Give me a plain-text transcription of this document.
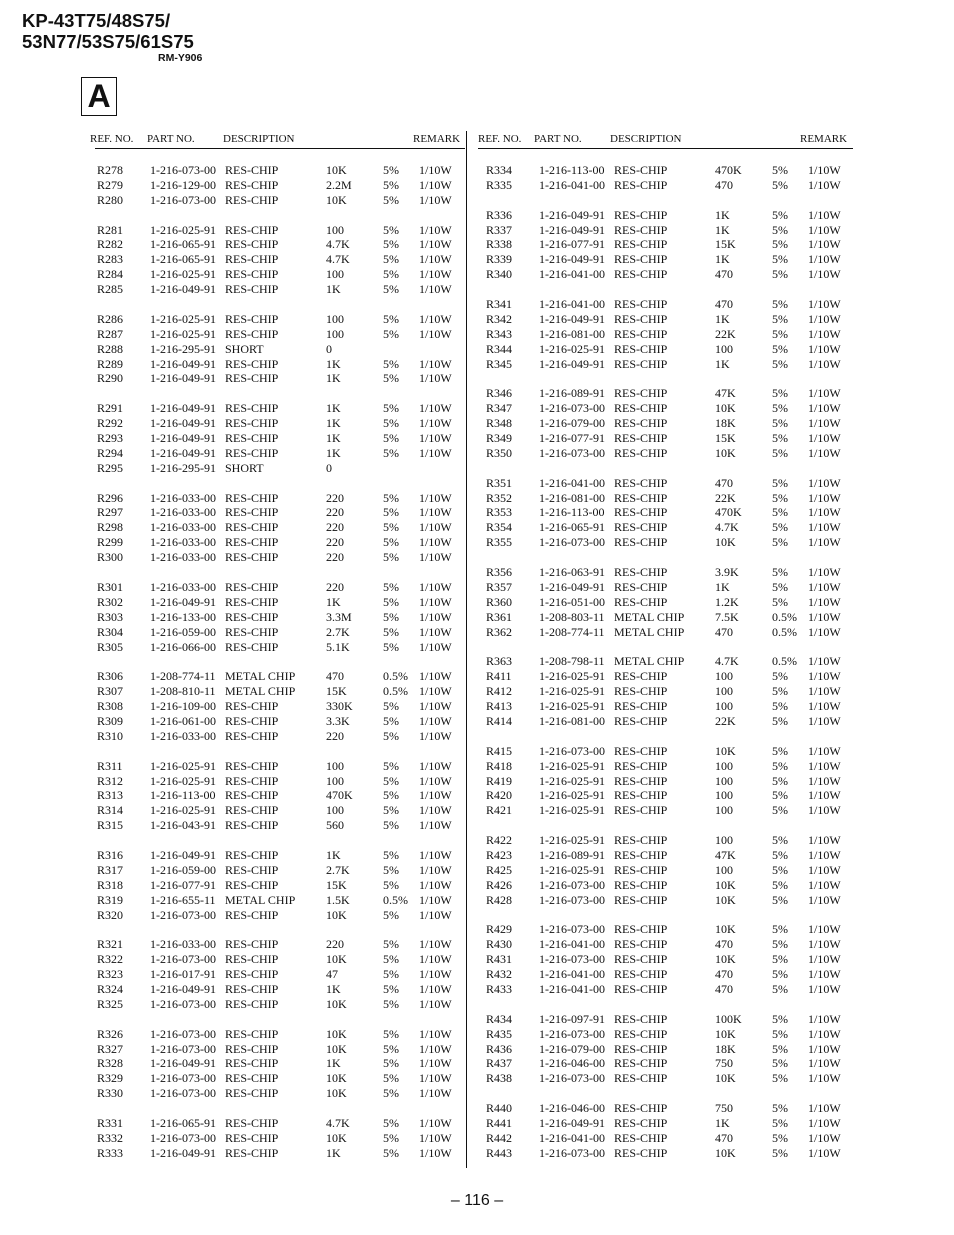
KP-43T75/48S75/
53N77/53S75/61S75
RM-Y906
A
REF. NO. PART NO.	DESCRIPTION	REMARK
R278 1-216-073-00 RES-CHIP	10K	5% 1/10W
R279 1-216-129-00 RES-CHIP	2.2M	5% 1/10W
R280 1-216-073-00 RES-CHIP	10K	5% 1/10W
R281 1-216-025-91 RES-CHIP	100	5% 1/10W
R282 1-216-065-91 RES-CHIP	4.7K	5% 1/10W
R283 1-216-065-91 RES-CHIP	4.7K	5% 1/10W
R284 1-216-025-91 RES-CHIP	100	5% 1/10W
R285 1-216-049-91 RES-CHIP	1K	5% 1/10W
R286 1-216-025-91 RES-CHIP	100	5% 1/10W
R287 1-216-025-91 RES-CHIP	100	5% 1/10W
R288 1-216-295-91 SHORT	0
R289 1-216-049-91 RES-CHIP	1K	5% 1/10W
R290 1-216-049-91 RES-CHIP	1K	5% 1/10W
R291 1-216-049-91 RES-CHIP	1K	5% 1/10W
R292 1-216-049-91 RES-CHIP	1K	5% 1/10W
R293 1-216-049-91 RES-CHIP	1K	5% 1/10W
R294 1-216-049-91 RES-CHIP	1K	5% 1/10W
R295 1-216-295-91 SHORT	0
R296 1-216-033-00 RES-CHIP	220	5% 1/10W
R297 1-216-033-00 RES-CHIP	220	5% 1/10W
R298 1-216-033-00 RES-CHIP	220	5% 1/10W
R299 1-216-033-00 RES-CHIP	220	5% 1/10W
R300 1-216-033-00 RES-CHIP	220	5% 1/10W
R301 1-216-033-00 RES-CHIP	220	5% 1/10W
R302 1-216-049-91 RES-CHIP	1K	5% 1/10W
R303 1-216-133-00 RES-CHIP	3.3M	5% 1/10W
R304 1-216-059-00 RES-CHIP	2.7K	5% 1/10W
R305 1-216-066-00 RES-CHIP	5.1K	5% 1/10W
R306 1-208-774-11 METAL CHIP	470	0.5% 1/10W
R307 1-208-810-11 METAL CHIP	15K	0.5% 1/10W
R308 1-216-109-00 RES-CHIP	330K	5% 1/10W
R309 1-216-061-00 RES-CHIP	3.3K	5% 1/10W
R310 1-216-033-00 RES-CHIP	220	5% 1/10W
R311 1-216-025-91 RES-CHIP	100	5% 1/10W
R312 1-216-025-91 RES-CHIP	100	5% 1/10W
R313 1-216-113-00 RES-CHIP	470K	5% 1/10W
R314 1-216-025-91 RES-CHIP	100	5% 1/10W
R315 1-216-043-91 RES-CHIP	560	5% 1/10W
R316 1-216-049-91 RES-CHIP	1K	5% 1/10W
R317 1-216-059-00 RES-CHIP	2.7K	5% 1/10W
R318 1-216-077-91 RES-CHIP	15K	5% 1/10W
R319 1-216-655-11 METAL CHIP	1.5K	0.5% 1/10W
R320 1-216-073-00 RES-CHIP	10K	5% 1/10W
R321 1-216-033-00 RES-CHIP	220	5% 1/10W
R322 1-216-073-00 RES-CHIP	10K	5% 1/10W
R323 1-216-017-91 RES-CHIP	47	5% 1/10W
R324 1-216-049-91 RES-CHIP	1K	5% 1/10W
R325 1-216-073-00 RES-CHIP	10K	5% 1/10W
R326 1-216-073-00 RES-CHIP	10K	5% 1/10W
R327 1-216-073-00 RES-CHIP	10K	5% 1/10W
R328 1-216-049-91 RES-CHIP	1K	5% 1/10W
R329 1-216-073-00 RES-CHIP	10K	5% 1/10W
R330 1-216-073-00 RES-CHIP	10K	5% 1/10W
R331 1-216-065-91 RES-CHIP	4.7K	5% 1/10W
R332 1-216-073-00 RES-CHIP	10K	5% 1/10W
R333 1-216-049-91 RES-CHIP	1K	5% 1/10W
REF. NO. PART NO.	DESCRIPTION	REMARK
R334 1-216-113-00 RES-CHIP	470K	5% 1/10W
R335 1-216-041-00 RES-CHIP	470	5% 1/10W
R336 1-216-049-91 RES-CHIP	1K	5% 1/10W
R337 1-216-049-91 RES-CHIP	1K	5% 1/10W
R338 1-216-077-91 RES-CHIP	15K	5% 1/10W
R339 1-216-049-91 RES-CHIP	1K	5% 1/10W
R340 1-216-041-00 RES-CHIP	470	5% 1/10W
R341 1-216-041-00 RES-CHIP	470	5% 1/10W
R342 1-216-049-91 RES-CHIP	1K	5% 1/10W
R343 1-216-081-00 RES-CHIP	22K	5% 1/10W
R344 1-216-025-91 RES-CHIP	100	5% 1/10W
R345 1-216-049-91 RES-CHIP	1K	5% 1/10W
R346 1-216-089-91 RES-CHIP	47K	5% 1/10W
R347 1-216-073-00 RES-CHIP	10K	5% 1/10W
R348 1-216-079-00 RES-CHIP	18K	5% 1/10W
R349 1-216-077-91 RES-CHIP	15K	5% 1/10W
R350 1-216-073-00 RES-CHIP	10K	5% 1/10W
R351 1-216-041-00 RES-CHIP	470	5% 1/10W
R352 1-216-081-00 RES-CHIP	22K	5% 1/10W
R353 1-216-113-00 RES-CHIP	470K	5% 1/10W
R354 1-216-065-91 RES-CHIP	4.7K	5% 1/10W
R355 1-216-073-00 RES-CHIP	10K	5% 1/10W
R356 1-216-063-91 RES-CHIP	3.9K	5% 1/10W
R357 1-216-049-91 RES-CHIP	1K	5% 1/10W
R360 1-216-051-00 RES-CHIP	1.2K	5% 1/10W
R361 1-208-803-11 METAL CHIP	7.5K	0.5% 1/10W
R362 1-208-774-11 METAL CHIP	470	0.5% 1/10W
R363 1-208-798-11 METAL CHIP	4.7K	0.5% 1/10W
R411 1-216-025-91 RES-CHIP	100	5% 1/10W
R412 1-216-025-91 RES-CHIP	100	5% 1/10W
R413 1-216-025-91 RES-CHIP	100	5% 1/10W
R414 1-216-081-00 RES-CHIP	22K	5% 1/10W
R415 1-216-073-00 RES-CHIP	10K	5% 1/10W
R418 1-216-025-91 RES-CHIP	100	5% 1/10W
R419 1-216-025-91 RES-CHIP	100	5% 1/10W
R420 1-216-025-91 RES-CHIP	100	5% 1/10W
R421 1-216-025-91 RES-CHIP	100	5% 1/10W
R422 1-216-025-91 RES-CHIP	100	5% 1/10W
R423 1-216-089-91 RES-CHIP	47K	5% 1/10W
R425 1-216-025-91 RES-CHIP	100	5% 1/10W
R426 1-216-073-00 RES-CHIP	10K	5% 1/10W
R428 1-216-073-00 RES-CHIP	10K	5% 1/10W
R429 1-216-073-00 RES-CHIP	10K	5% 1/10W
R430 1-216-041-00 RES-CHIP	470	5% 1/10W
R431 1-216-073-00 RES-CHIP	10K	5% 1/10W
R432 1-216-041-00 RES-CHIP	470	5% 1/10W
R433 1-216-041-00 RES-CHIP	470	5% 1/10W
R434 1-216-097-91 RES-CHIP	100K	5% 1/10W
R435 1-216-073-00 RES-CHIP	10K	5% 1/10W
R436 1-216-079-00 RES-CHIP	18K	5% 1/10W
R437 1-216-046-00 RES-CHIP	750	5% 1/10W
R438 1-216-073-00 RES-CHIP	10K	5% 1/10W
R440 1-216-046-00 RES-CHIP	750	5% 1/10W
R441 1-216-049-91 RES-CHIP	1K	5% 1/10W
R442 1-216-041-00 RES-CHIP	470	5% 1/10W
R443 1-216-073-00 RES-CHIP	10K	5% 1/10W
– 116 –
